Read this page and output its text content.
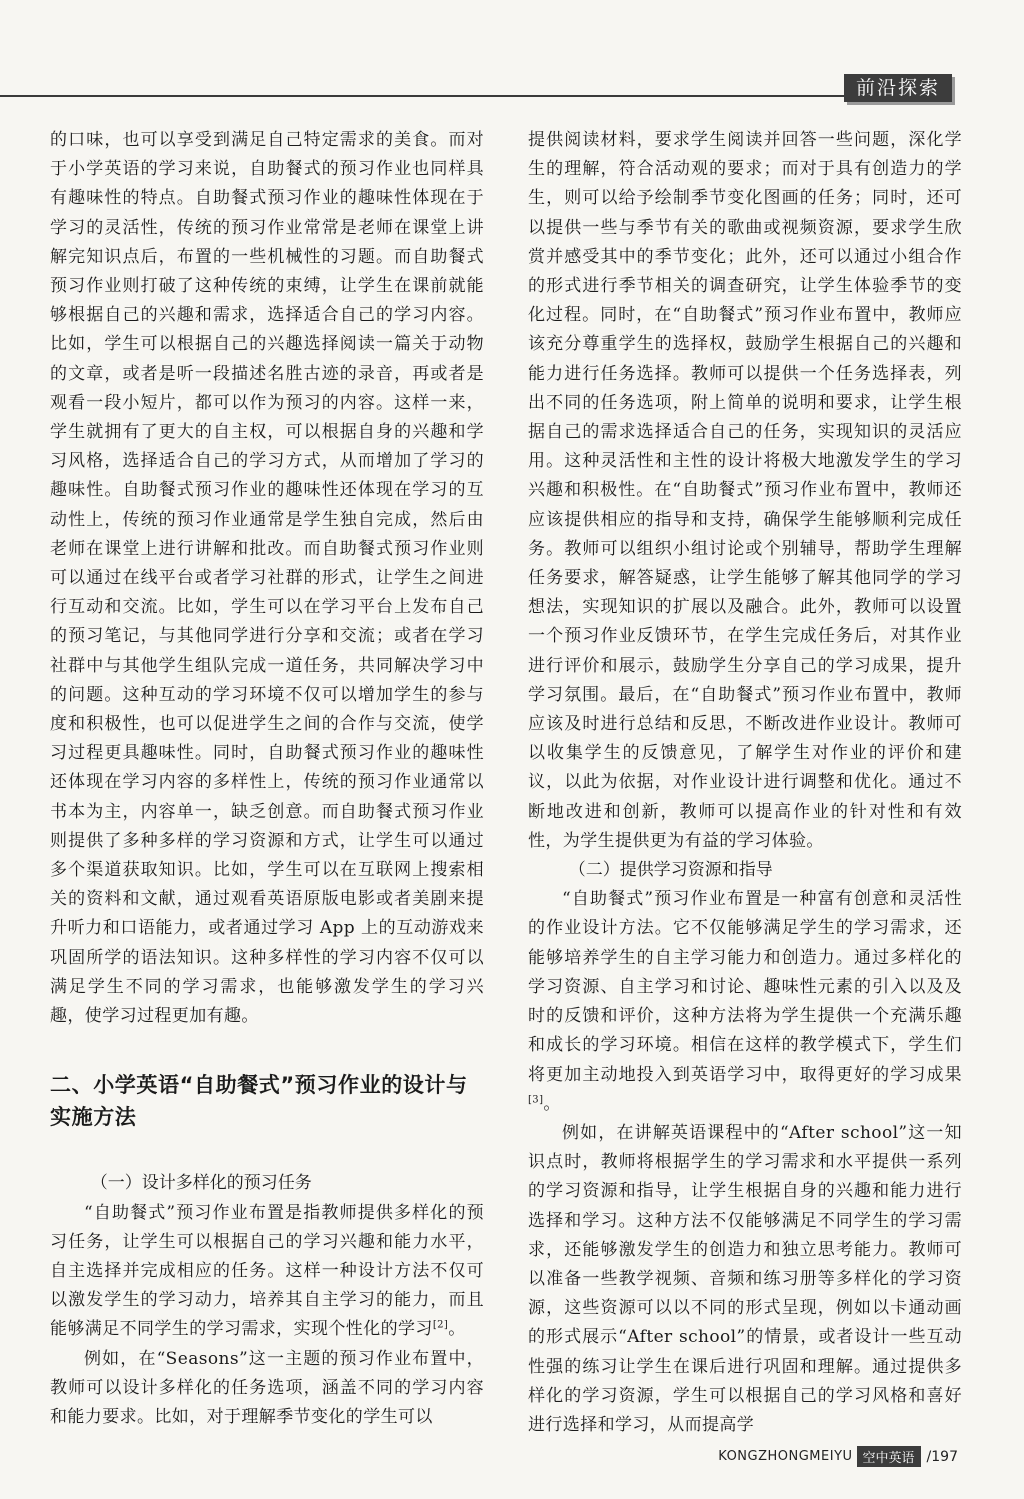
前沿探索

的口味，也可以享受到满足自己特定需求的美食。而对于小学英语的学习来说，自助餐式的预习作业也同样具有趣味性的特点。自助餐式预习作业的趣味性体现在于学习的灵活性，传统的预习作业常常是老师在课堂上讲解完知识点后，布置的一些机械性的习题。而自助餐式预习作业则打破了这种传统的束缚，让学生在课前就能够根据自己的兴趣和需求，选择适合自己的学习内容。比如，学生可以根据自己的兴趣选择阅读一篇关于动物的文章，或者是听一段描述名胜古迹的录音，再或者是观看一段小短片，都可以作为预习的内容。这样一来，学生就拥有了更大的自主权，可以根据自身的兴趣和学习风格，选择适合自己的学习方式，从而增加了学习的趣味性。自助餐式预习作业的趣味性还体现在学习的互动性上，传统的预习作业通常是学生独自完成，然后由老师在课堂上进行讲解和批改。而自助餐式预习作业则可以通过在线平台或者学习社群的形式，让学生之间进行互动和交流。比如，学生可以在学习平台上发布自己的预习笔记，与其他同学进行分享和交流；或者在学习社群中与其他学生组队完成一道任务，共同解决学习中的问题。这种互动的学习环境不仅可以增加学生的参与度和积极性，也可以促进学生之间的合作与交流，使学习过程更具趣味性。同时，自助餐式预习作业的趣味性还体现在学习内容的多样性上，传统的预习作业通常以书本为主，内容单一，缺乏创意。而自助餐式预习作业则提供了多种多样的学习资源和方式，让学生可以通过多个渠道获取知识。比如，学生可以在互联网上搜索相关的资料和文献，通过观看英语原版电影或者美剧来提升听力和口语能力，或者通过学习 App 上的互动游戏来巩固所学的语法知识。这种多样性的学习内容不仅可以满足学生不同的学习需求，也能够激发学生的学习兴趣，使学习过程更加有趣。

二、小学英语“自助餐式”预习作业的设计与实施方法

（一）设计多样化的预习任务

“自助餐式”预习作业布置是指教师提供多样化的预习任务，让学生可以根据自己的学习兴趣和能力水平，自主选择并完成相应的任务。这样一种设计方法不仅可以激发学生的学习动力，培养其自主学习的能力，而且能够满足不同学生的学习需求，实现个性化的学习[2]。

例如，在“Seasons”这一主题的预习作业布置中，教师可以设计多样化的任务选项，涵盖不同的学习内容和能力要求。比如，对于理解季节变化的学生可以

提供阅读材料，要求学生阅读并回答一些问题，深化学生的理解，符合活动观的要求；而对于具有创造力的学生，则可以给予绘制季节变化图画的任务；同时，还可以提供一些与季节有关的歌曲或视频资源，要求学生欣赏并感受其中的季节变化；此外，还可以通过小组合作的形式进行季节相关的调查研究，让学生体验季节的变化过程。同时，在“自助餐式”预习作业布置中，教师应该充分尊重学生的选择权，鼓励学生根据自己的兴趣和能力进行任务选择。教师可以提供一个任务选择表，列出不同的任务选项，附上简单的说明和要求，让学生根据自己的需求选择适合自己的任务，实现知识的灵活应用。这种灵活性和主性的设计将极大地激发学生的学习兴趣和积极性。在“自助餐式”预习作业布置中，教师还应该提供相应的指导和支持，确保学生能够顺利完成任务。教师可以组织小组讨论或个别辅导，帮助学生理解任务要求，解答疑惑，让学生能够了解其他同学的学习想法，实现知识的扩展以及融合。此外，教师可以设置一个预习作业反馈环节，在学生完成任务后，对其作业进行评价和展示，鼓励学生分享自己的学习成果，提升学习氛围。最后，在“自助餐式”预习作业布置中，教师应该及时进行总结和反思，不断改进作业设计。教师可以收集学生的反馈意见，了解学生对作业的评价和建议，以此为依据，对作业设计进行调整和优化。通过不断地改进和创新，教师可以提高作业的针对性和有效性，为学生提供更为有益的学习体验。

（二）提供学习资源和指导

“自助餐式”预习作业布置是一种富有创意和灵活性的作业设计方法。它不仅能够满足学生的学习需求，还能够培养学生的自主学习能力和创造力。通过多样化的学习资源、自主学习和讨论、趣味性元素的引入以及及时的反馈和评价，这种方法将为学生提供一个充满乐趣和成长的学习环境。相信在这样的教学模式下，学生们将更加主动地投入到英语学习中，取得更好的学习成果[3]。

例如，在讲解英语课程中的“After school”这一知识点时，教师将根据学生的学习需求和水平提供一系列的学习资源和指导，让学生根据自身的兴趣和能力进行选择和学习。这种方法不仅能够满足不同学生的学习需求，还能够激发学生的创造力和独立思考能力。教师可以准备一些教学视频、音频和练习册等多样化的学习资源，这些资源可以以不同的形式呈现，例如以卡通动画的形式展示“After school”的情景，或者设计一些互动性强的练习让学生在课后进行巩固和理解。通过提供多样化的学习资源，学生可以根据自己的学习风格和喜好进行选择和学习，从而提高学

KONGZHONGMEIYU 空中英语 /197
